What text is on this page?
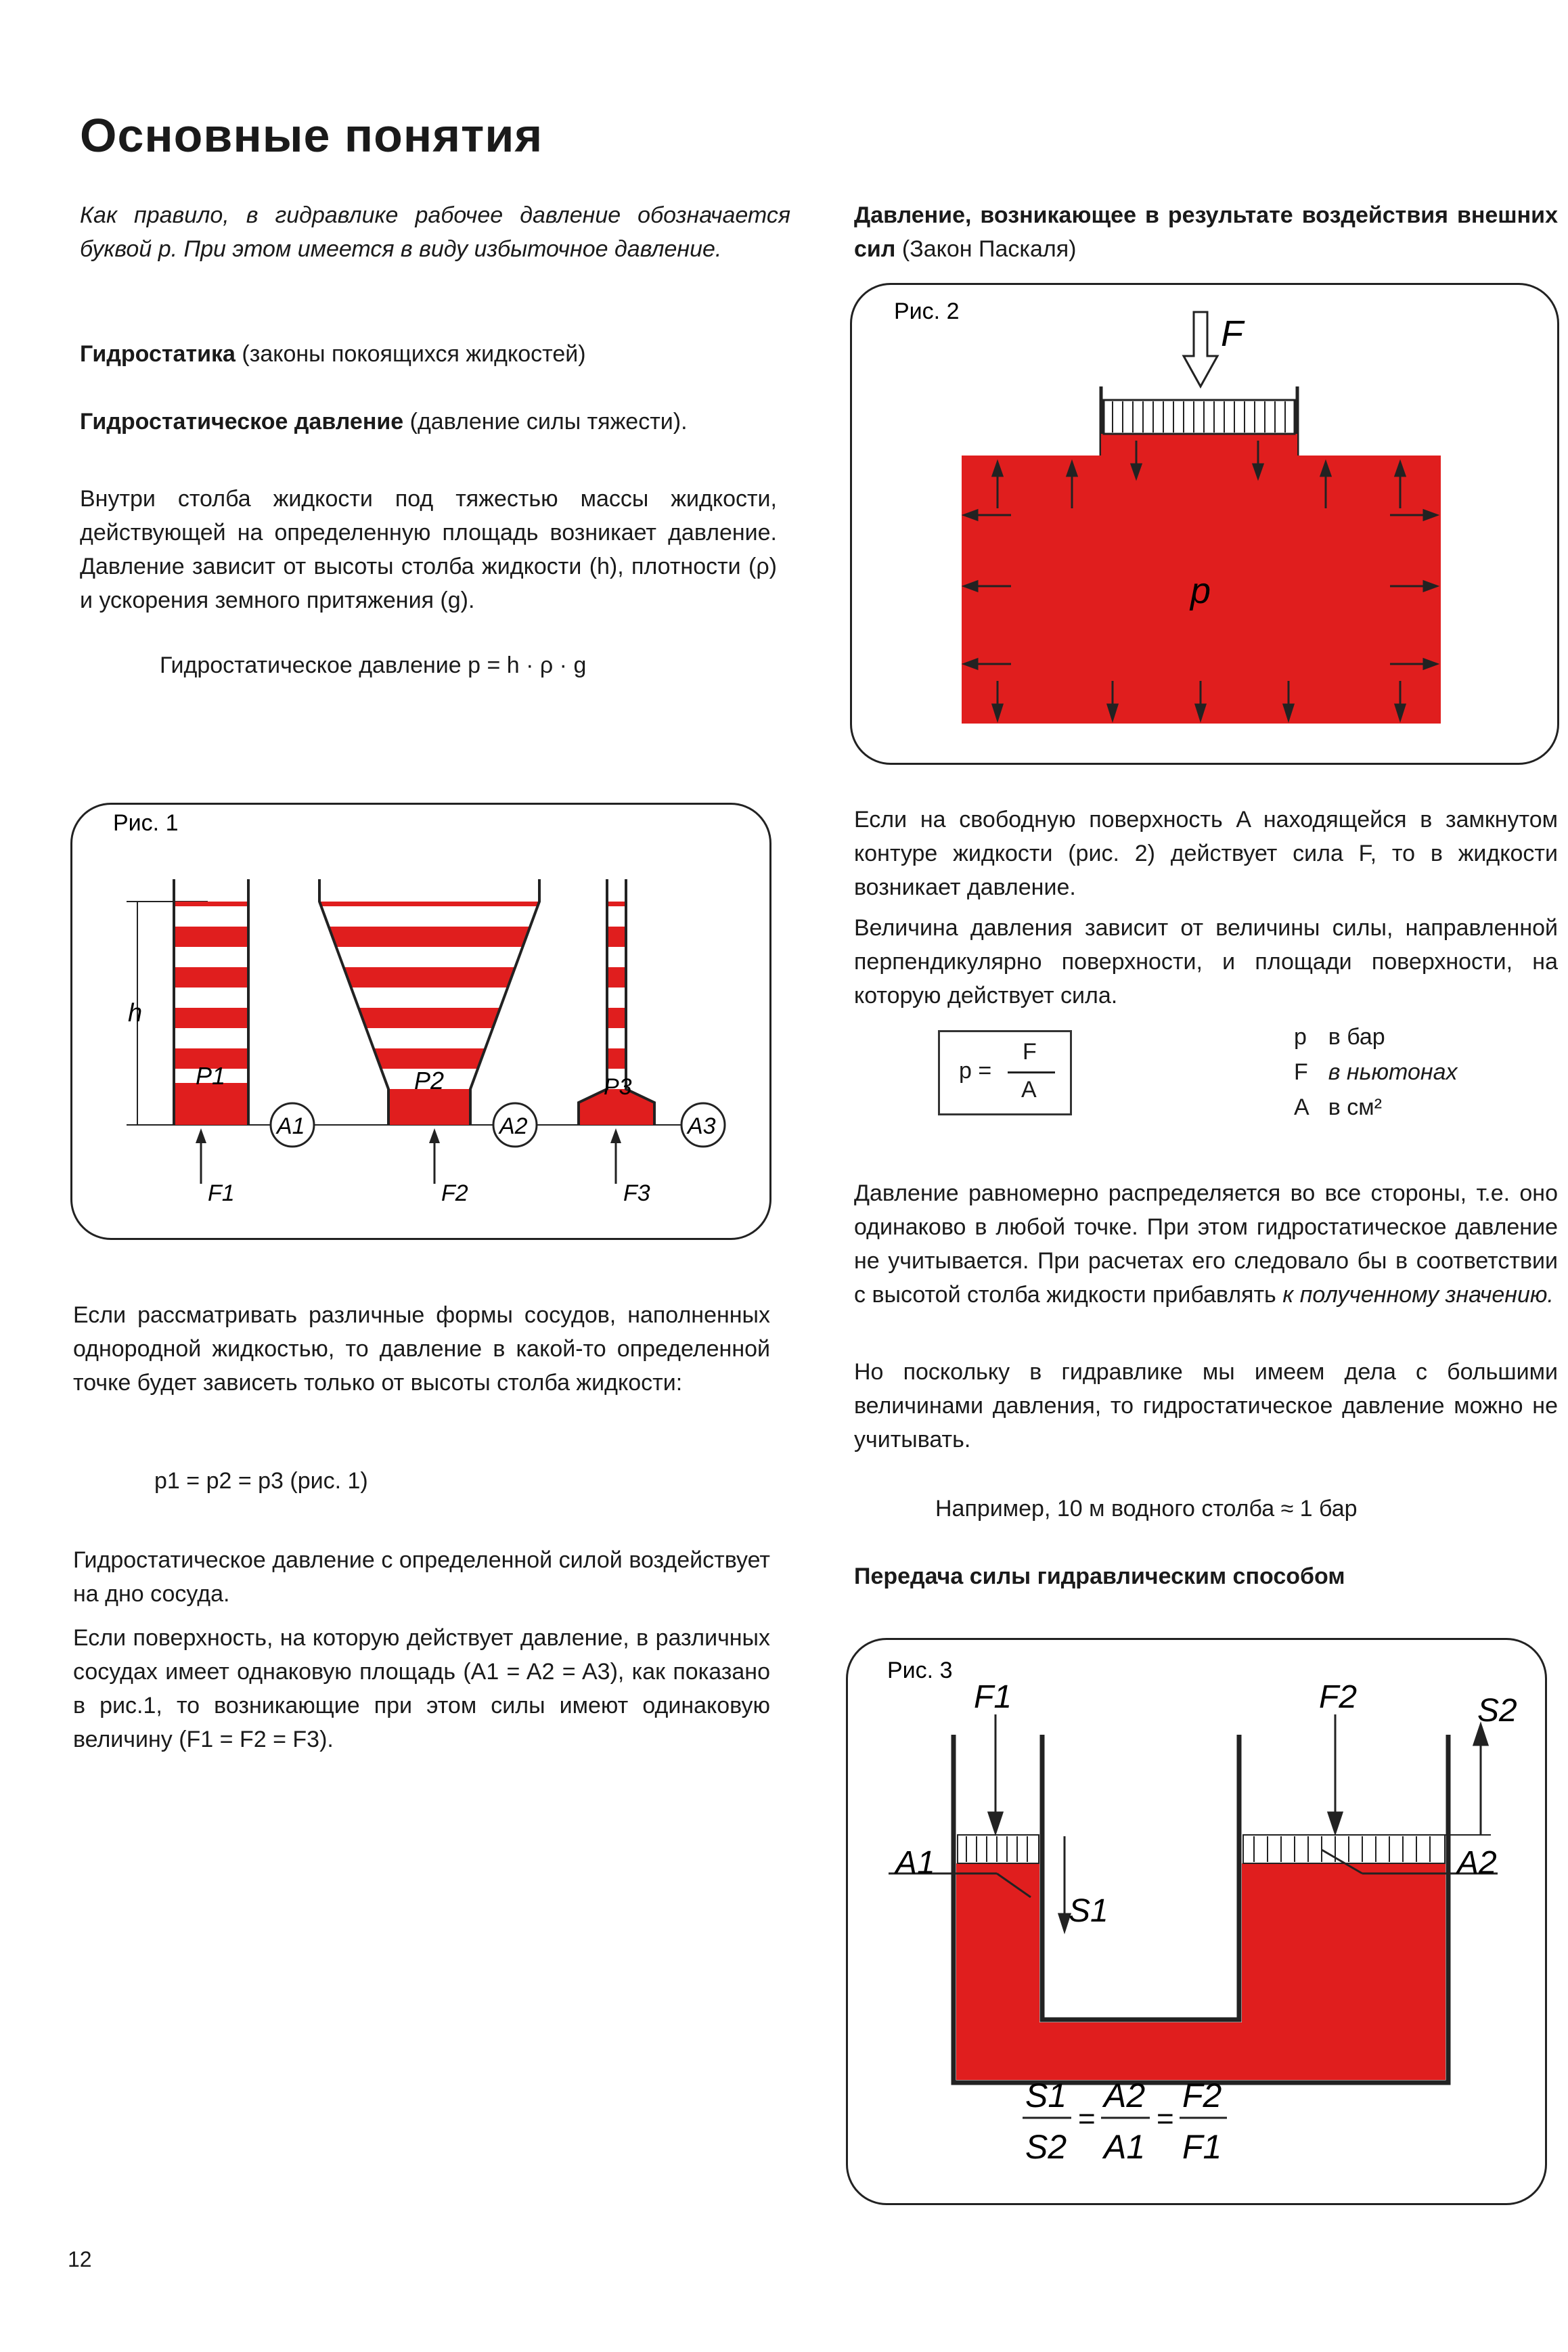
Основные понятия
Как правило, в гидравлике рабочее давление обозначается буквой p. При этом имеется в виду избыточное давление.
Гидростатика (законы покоящихся жидкостей)
Гидростатическое давление (давление силы тяжести).
Внутри столба жидкости под тяжестью массы жидкости, действующей на определенную площадь возникает давление. Давление зависит от высоты столба жидкости (h), плотности (ρ) и ускорения земного притяжения (g).
Гидростатическое давление p = h · ρ · g
Рис. 1
h
P1
A1
F1
P2
A2
F2
P3
A3
F3
Если рассматривать различные формы сосудов, наполненных однородной жидкостью, то давление в какой-то определенной точке будет зависеть только от высоты столба жидкости:
p1 = p2 = p3 (рис. 1)
Гидростатическое давление с определенной силой воздействует на дно сосуда.
Если поверхность, на которую действует давление, в различных сосудах имеет однаковую площадь (A1 = A2 = A3), как показано в рис.1, то возникающие при этом силы имеют одинаковую величину (F1 = F2 = F3).
Давление, возникающее в результате воздействия внешних сил (Закон Паскаля)
Рис. 2
F
p
Если на свободную поверхность A находящейся в замкнутом контуре жидкости (рис. 2) действует сила F, то в жидкости возникает давление.
Величина давления зависит от величины силы, направленной перпендикулярно поверхности, и площади поверхности, на которую действует сила.
p =
F
A
p	в бар
F	в ньютонах
A	в см²
Давление равномерно распределяется во все стороны, т.е. оно одинаково в любой точке. При этом гидростатическое давление не учитывается. При расчетах его следовало бы в соответствии с высотой столба жидкости прибавлять к полученному значению.
Но поскольку в гидравлике мы имеем дела с большими величинами давления, то гидростатическое давление можно не учитывать.
Например, 10 м водного столба ≈ 1 бар
Передача силы гидравлическим способом
Рис. 3
F1	F2	S2
S1
A1	A2
S1
S2
=
A2
A1
=
F2
F1
12
